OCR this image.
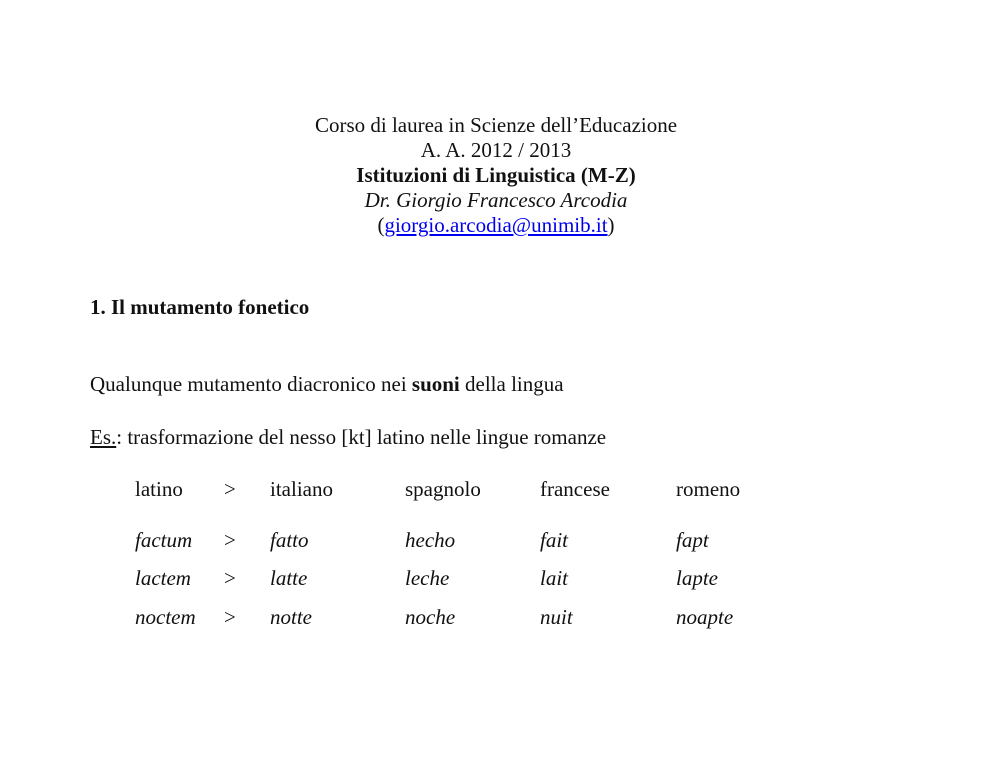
Corso di laurea in Scienze dell’Educazione
A. A. 2012 / 2013
Istituzioni di Linguistica (M-Z)
Dr. Giorgio Francesco Arcodia
(giorgio.arcodia@unimib.it)
1. Il mutamento fonetico
Qualunque mutamento diacronico nei suoni della lingua
Es.: trasformazione del nesso [kt] latino nelle lingue romanze
latino > italiano	spagnolo	francese	romeno
factum > fatto	hecho	fait	fapt
lactem > latte	leche	lait	lapte
noctem > notte	noche	nuit	noapte
